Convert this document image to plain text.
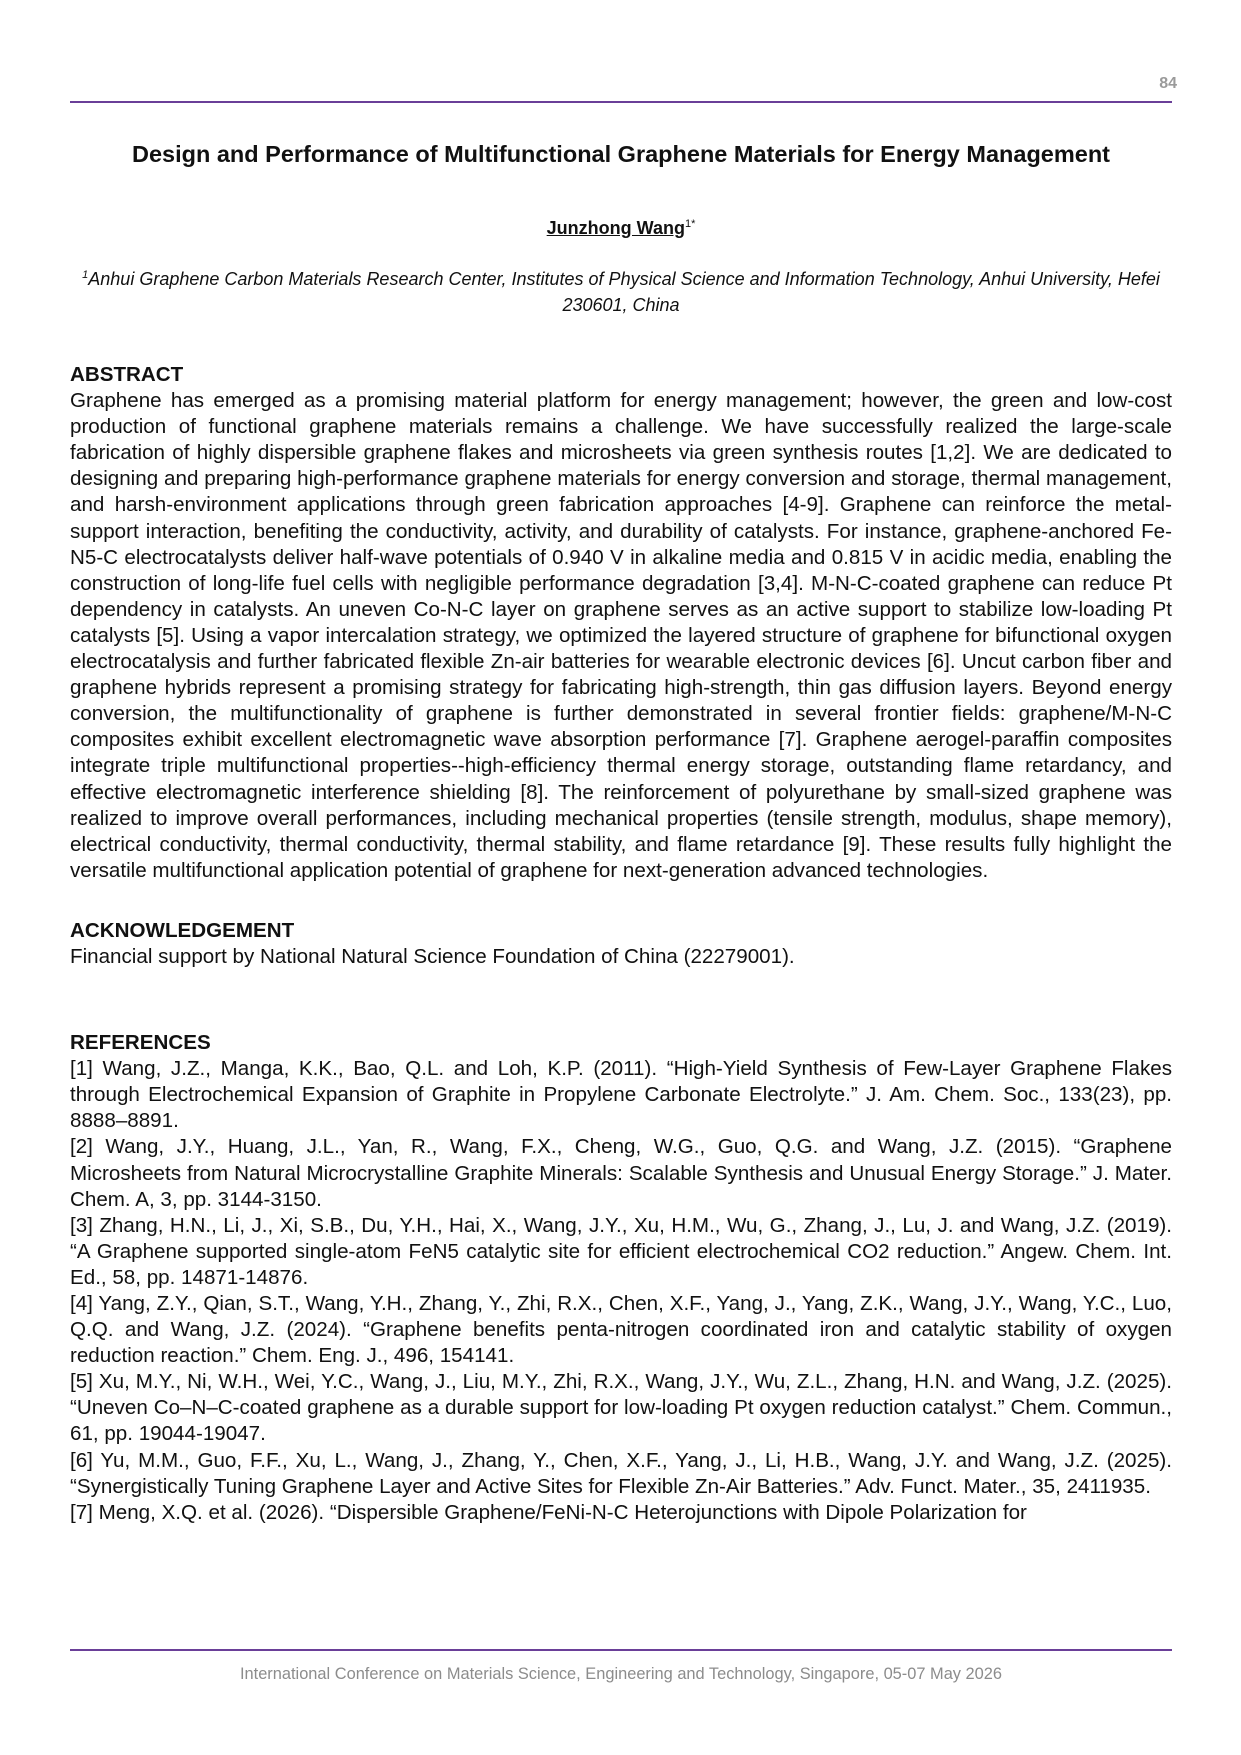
84
Design and Performance of Multifunctional Graphene Materials for Energy Management
Junzhong Wang$^{1*}$
$^1$Anhui Graphene Carbon Materials Research Center, Institutes of Physical Science and Information Technology, Anhui University, Hefei 230601, China
ABSTRACT

Graphene has emerged as a promising material platform for energy management; however, the green and low-cost production of functional graphene materials remains a challenge. We have successfully realized the large-scale fabrication of highly dispersible graphene flakes and microsheets via green synthesis routes [1,2]. We are dedicated to designing and preparing high-performance graphene materials for energy conversion and storage, thermal management, and harsh-environment applications through green fabrication approaches [4-9]. Graphene can reinforce the metal-support interaction, benefiting the conductivity, activity, and durability of catalysts. For instance, graphene-anchored Fe-N5-C electrocatalysts deliver half-wave potentials of 0.940 V in alkaline media and 0.815 V in acidic media, enabling the construction of long-life fuel cells with negligible performance degradation [3,4]. M-N-C-coated graphene can reduce Pt dependency in catalysts. An uneven Co-N-C layer on graphene serves as an active support to stabilize low-loading Pt catalysts [5]. Using a vapor intercalation strategy, we optimized the layered structure of graphene for bifunctional oxygen electrocatalysis and further fabricated flexible Zn-air batteries for wearable electronic devices [6]. Uncut carbon fiber and graphene hybrids represent a promising strategy for fabricating high-strength, thin gas diffusion layers. Beyond energy conversion, the multifunctionality of graphene is further demonstrated in several frontier fields: graphene/M-N-C composites exhibit excellent electromagnetic wave absorption performance [7]. Graphene aerogel-paraffin composites integrate triple multifunctional properties--high-efficiency thermal energy storage, outstanding flame retardancy, and effective electromagnetic interference shielding [8]. The reinforcement of polyurethane by small-sized graphene was realized to improve overall performances, including mechanical properties (tensile strength, modulus, shape memory), electrical conductivity, thermal conductivity, thermal stability, and flame retardance [9]. These results fully highlight the versatile multifunctional application potential of graphene for next-generation advanced technologies.

ACKNOWLEDGEMENT

Financial support by National Natural Science Foundation of China (22279001).

REFERENCES

[1] Wang, J.Z., Manga, K.K., Bao, Q.L. and Loh, K.P. (2011). “High-Yield Synthesis of Few-Layer Graphene Flakes through Electrochemical Expansion of Graphite in Propylene Carbonate Electrolyte.” J. Am. Chem. Soc., 133(23), pp. 8888–8891.

[2] Wang, J.Y., Huang, J.L., Yan, R., Wang, F.X., Cheng, W.G., Guo, Q.G. and Wang, J.Z. (2015). “Graphene Microsheets from Natural Microcrystalline Graphite Minerals: Scalable Synthesis and Unusual Energy Storage.” J. Mater. Chem. A, 3, pp. 3144-3150.

[3] Zhang, H.N., Li, J., Xi, S.B., Du, Y.H., Hai, X., Wang, J.Y., Xu, H.M., Wu, G., Zhang, J., Lu, J. and Wang, J.Z. (2019). “A Graphene supported single-atom FeN5 catalytic site for efficient electrochemical CO2 reduction.” Angew. Chem. Int. Ed., 58, pp. 14871-14876.

[4] Yang, Z.Y., Qian, S.T., Wang, Y.H., Zhang, Y., Zhi, R.X., Chen, X.F., Yang, J., Yang, Z.K., Wang, J.Y., Wang, Y.C., Luo, Q.Q. and Wang, J.Z. (2024). “Graphene benefits penta-nitrogen coordinated iron and catalytic stability of oxygen reduction reaction.” Chem. Eng. J., 496, 154141.

[5] Xu, M.Y., Ni, W.H., Wei, Y.C., Wang, J., Liu, M.Y., Zhi, R.X., Wang, J.Y., Wu, Z.L., Zhang, H.N. and Wang, J.Z. (2025). “Uneven Co–N–C-coated graphene as a durable support for low-loading Pt oxygen reduction catalyst.” Chem. Commun., 61, pp. 19044-19047.

[6] Yu, M.M., Guo, F.F., Xu, L., Wang, J., Zhang, Y., Chen, X.F., Yang, J., Li, H.B., Wang, J.Y. and Wang, J.Z. (2025). “Synergistically Tuning Graphene Layer and Active Sites for Flexible Zn-Air Batteries.” Adv. Funct. Mater., 35, 2411935.

[7] Meng, X.Q. et al. (2026). “Dispersible Graphene/FeNi-N-C Heterojunctions with Dipole Polarization for

International Conference on Materials Science, Engineering and Technology, Singapore, 05-07 May 2026
